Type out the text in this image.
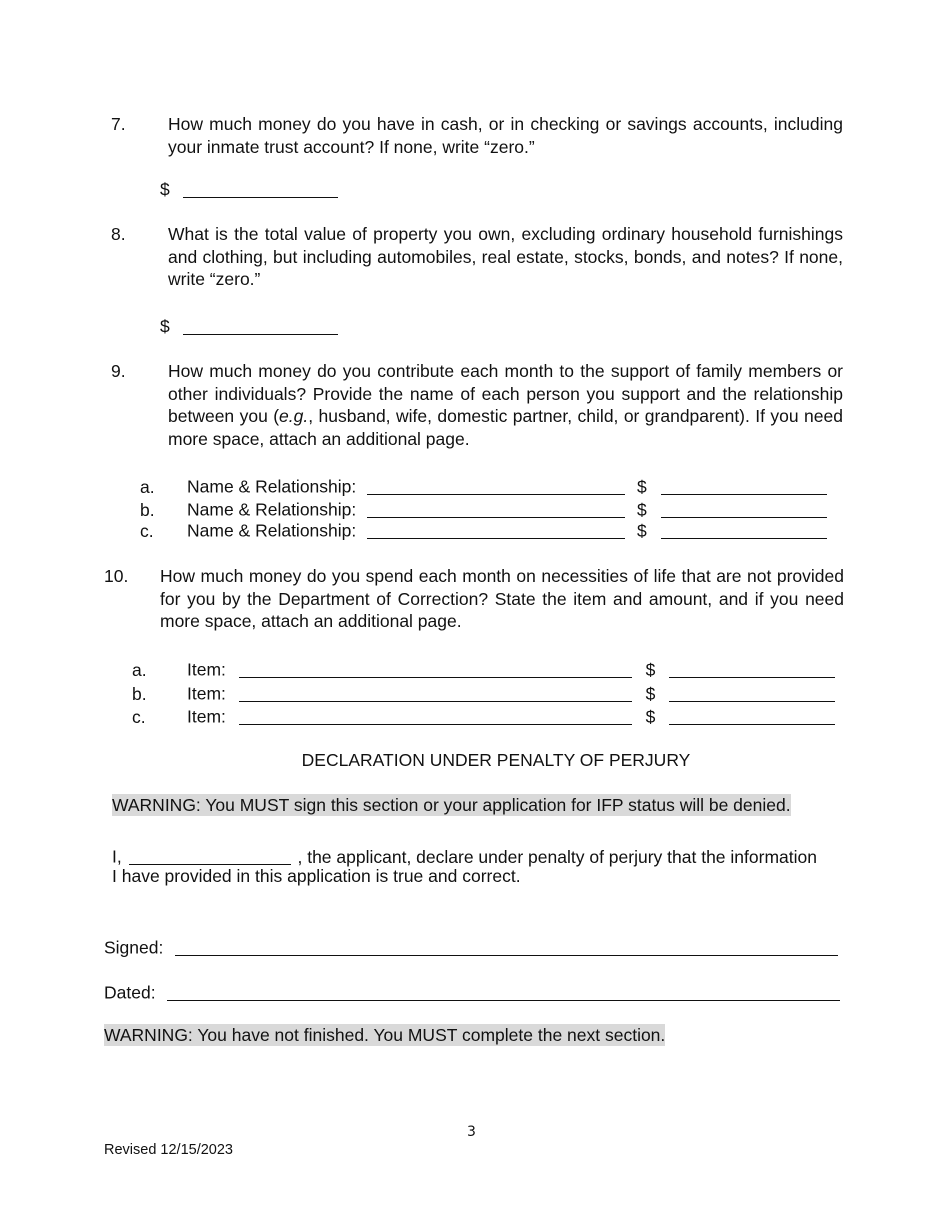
7. How much money do you have in cash, or in checking or savings accounts, including your inmate trust account? If none, write “zero.”
$
8. What is the total value of property you own, excluding ordinary household furnishings and clothing, but including automobiles, real estate, stocks, bonds, and notes? If none, write “zero.”
$
9. How much money do you contribute each month to the support of family members or other individuals? Provide the name of each person you support and the relationship between you (e.g., husband, wife, domestic partner, child, or grandparent). If you need more space, attach an additional page.
a. Name & Relationship:	$
b. Name & Relationship:	$
c. Name & Relationship:	$
10. How much money do you spend each month on necessities of life that are not provided for you by the Department of Correction? State the item and amount, and if you need more space, attach an additional page.
a. Item:	$
b. Item:	$
c. Item:	$
DECLARATION UNDER PENALTY OF PERJURY
WARNING: You MUST sign this section or your application for IFP status will be denied.
I,	, the applicant, declare under penalty of perjury that the information
I have provided in this application is true and correct.
Signed:
Dated:
WARNING: You have not finished. You MUST complete the next section.
3
Revised 12/15/2023
